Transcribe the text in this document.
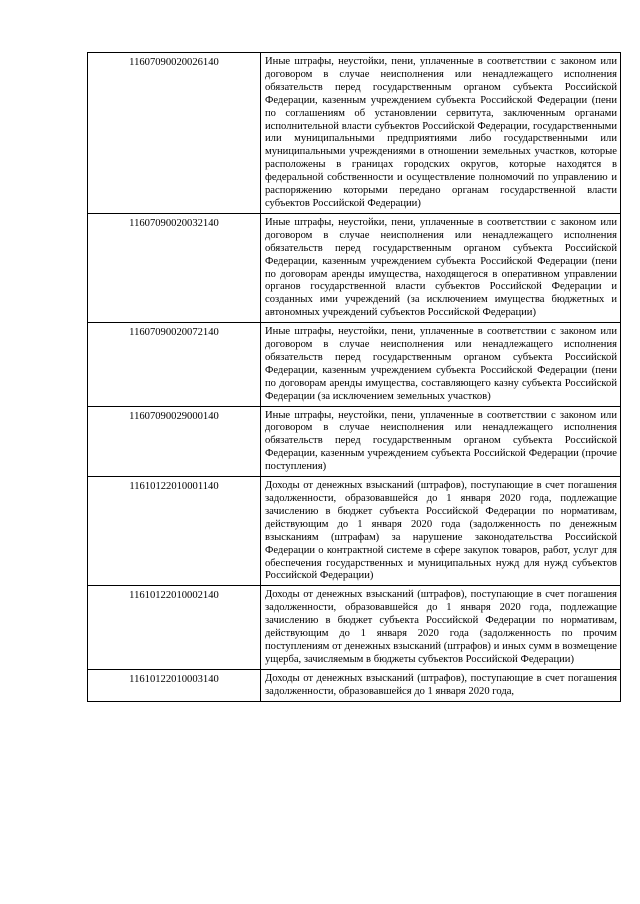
11607090020026140	Иные штрафы, неустойки, пени, уплаченные в соответствии с законом или договором в случае неисполнения или ненадлежащего исполнения обязательств перед государственным органом субъекта Российской Федерации, казенным учреждением субъекта Российской Федерации (пени по соглашениям об установлении сервитута, заключенным органами исполнительной власти субъектов Российской Федерации, государственными или муниципальными предприятиями либо государственными или муниципальными учреждениями в отношении земельных участков, которые расположены в границах городских округов, которые находятся в федеральной собственности и осуществление полномочий по управлению и распоряжению которыми передано органам государственной власти субъектов Российской Федерации)
11607090020032140	Иные штрафы, неустойки, пени, уплаченные в соответствии с законом или договором в случае неисполнения или ненадлежащего исполнения обязательств перед государственным органом субъекта Российской Федерации, казенным учреждением субъекта Российской Федерации (пени по договорам аренды имущества, находящегося в оперативном управлении органов государственной власти субъектов Российской Федерации и созданных ими учреждений (за исключением имущества бюджетных и автономных учреждений субъектов Российской Федерации)
11607090020072140	Иные штрафы, неустойки, пени, уплаченные в соответствии с законом или договором в случае неисполнения или ненадлежащего исполнения обязательств перед государственным органом субъекта Российской Федерации, казенным учреждением субъекта Российской Федерации (пени по договорам аренды имущества, составляющего казну субъекта Российской Федерации (за исключением земельных участков)
11607090029000140	Иные штрафы, неустойки, пени, уплаченные в соответствии с законом или договором в случае неисполнения или ненадлежащего исполнения обязательств перед государственным органом субъекта Российской Федерации, казенным учреждением субъекта Российской Федерации (прочие поступления)
11610122010001140	Доходы от денежных взысканий (штрафов), поступающие в счет погашения задолженности, образовавшейся до 1 января 2020 года, подлежащие зачислению в бюджет субъекта Российской Федерации по нормативам, действующим до 1 января 2020 года (задолженность по денежным взысканиям (штрафам) за нарушение законодательства Российской Федерации о контрактной системе в сфере закупок товаров, работ, услуг для обеспечения государственных и муниципальных нужд для нужд субъектов Российской Федерации)
11610122010002140	Доходы от денежных взысканий (штрафов), поступающие в счет погашения задолженности, образовавшейся до 1 января 2020 года, подлежащие зачислению в бюджет субъекта Российской Федерации по нормативам, действующим до 1 января 2020 года (задолженность по прочим поступлениям от денежных взысканий (штрафов) и иных сумм в возмещение ущерба, зачисляемым в бюджеты субъектов Российской Федерации)
11610122010003140	Доходы от денежных взысканий (штрафов), поступающие в счет погашения задолженности, образовавшейся до 1 января 2020 года,
